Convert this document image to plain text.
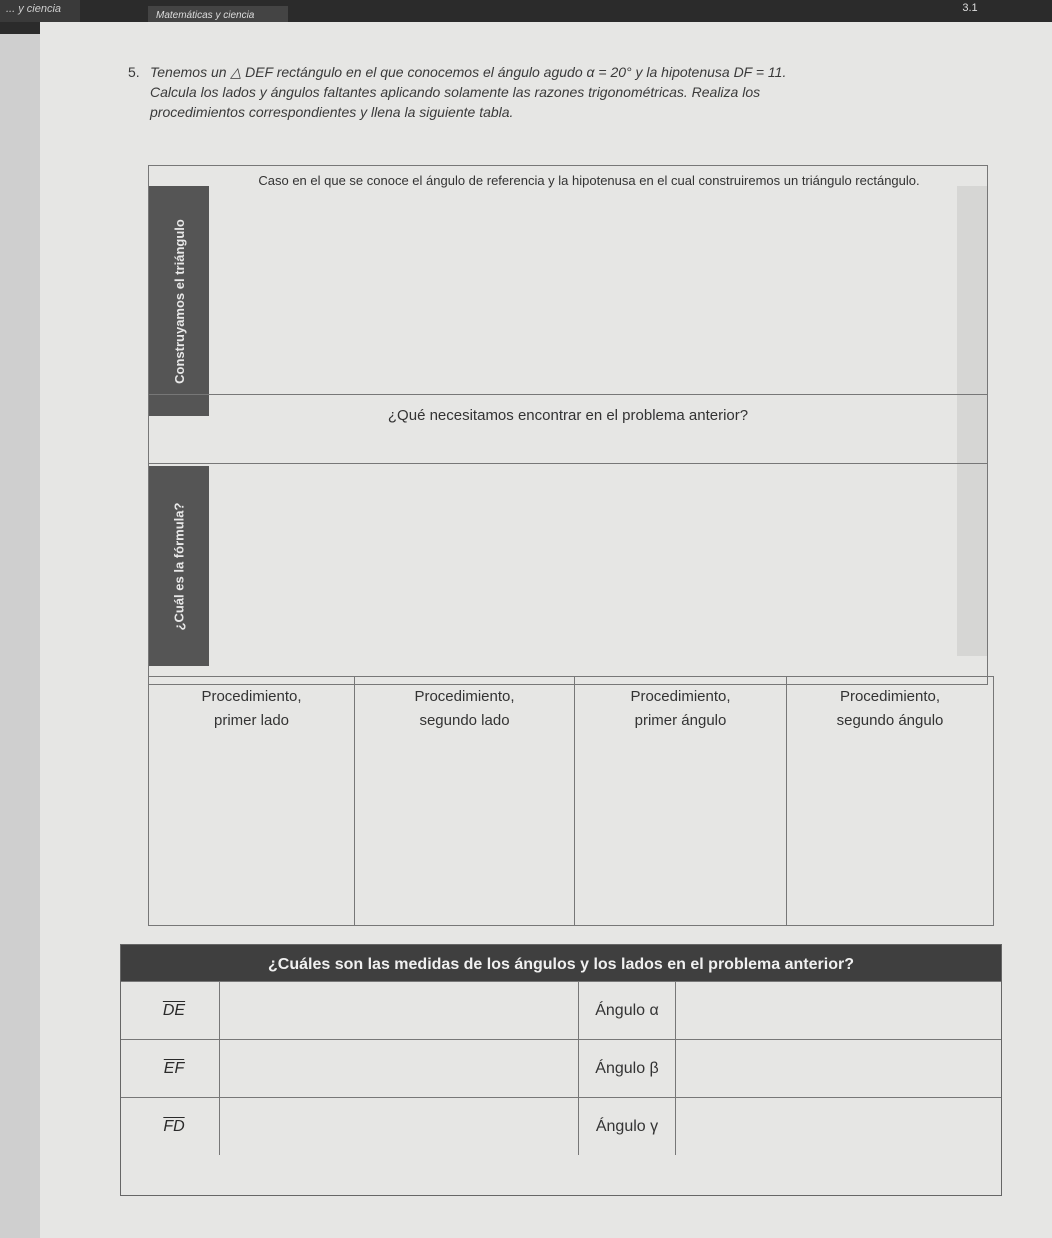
... y ciencia
Matemáticas y ciencia
3.1
5. Tenemos un △ DEF rectángulo en el que conocemos el ángulo agudo α = 20° y la hipotenusa DF = 11. Calcula los lados y ángulos faltantes aplicando solamente las razones trigonométricas. Realiza los procedimientos correspondientes y llena la siguiente tabla.
Construyamos el triángulo
Caso en el que se conoce el ángulo de referencia y la hipotenusa en el cual construiremos un triángulo rectángulo.
¿Qué necesitamos encontrar en el problema anterior?
¿Cuál es la fórmula?
Procedimiento,
primer lado
Procedimiento,
segundo lado
Procedimiento,
primer ángulo
Procedimiento,
segundo ángulo
¿Cuáles son las medidas de los ángulos y los lados en el problema anterior?
$\overline{DE}$	Ángulo α
$\overline{EF}$	Ángulo β
$\overline{FD}$	Ángulo γ
